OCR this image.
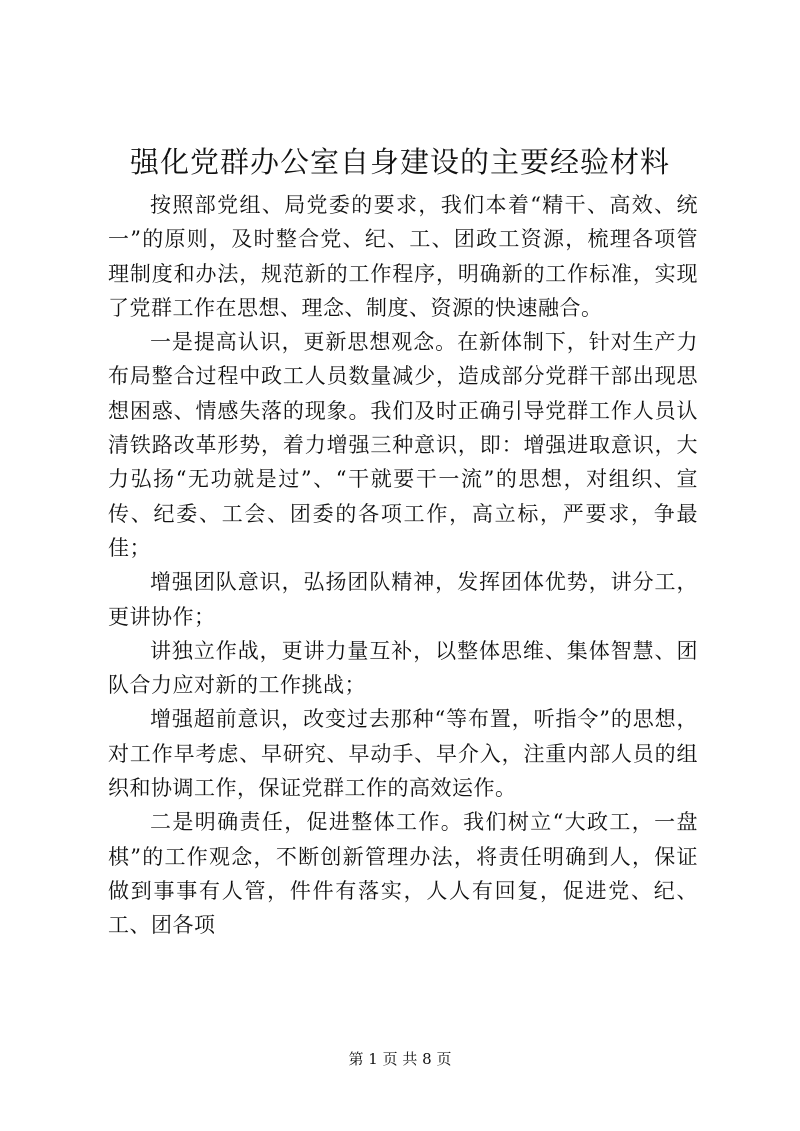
强化党群办公室自身建设的主要经验材料

按照部党组、局党委的要求，我们本着“精干、高效、统一”的原则，及时整合党、纪、工、团政工资源，梳理各项管理制度和办法，规范新的工作程序，明确新的工作标准，实现了党群工作在思想、理念、制度、资源的快速融合。

一是提高认识，更新思想观念。在新体制下，针对生产力布局整合过程中政工人员数量减少，造成部分党群干部出现思想困惑、情感失落的现象。我们及时正确引导党群工作人员认清铁路改革形势，着力增强三种意识，即：增强进取意识，大力弘扬“无功就是过”、“干就要干一流”的思想，对组织、宣传、纪委、工会、团委的各项工作，高立标，严要求，争最佳；

增强团队意识，弘扬团队精神，发挥团体优势，讲分工，更讲协作；

讲独立作战，更讲力量互补，以整体思维、集体智慧、团队合力应对新的工作挑战；

增强超前意识，改变过去那种“等布置，听指令”的思想，对工作早考虑、早研究、早动手、早介入，注重内部人员的组织和协调工作，保证党群工作的高效运作。

二是明确责任，促进整体工作。我们树立“大政工，一盘棋”的工作观念，不断创新管理办法，将责任明确到人，保证做到事事有人管，件件有落实，人人有回复，促进党、纪、工、团各项

第 1 页 共 8 页
